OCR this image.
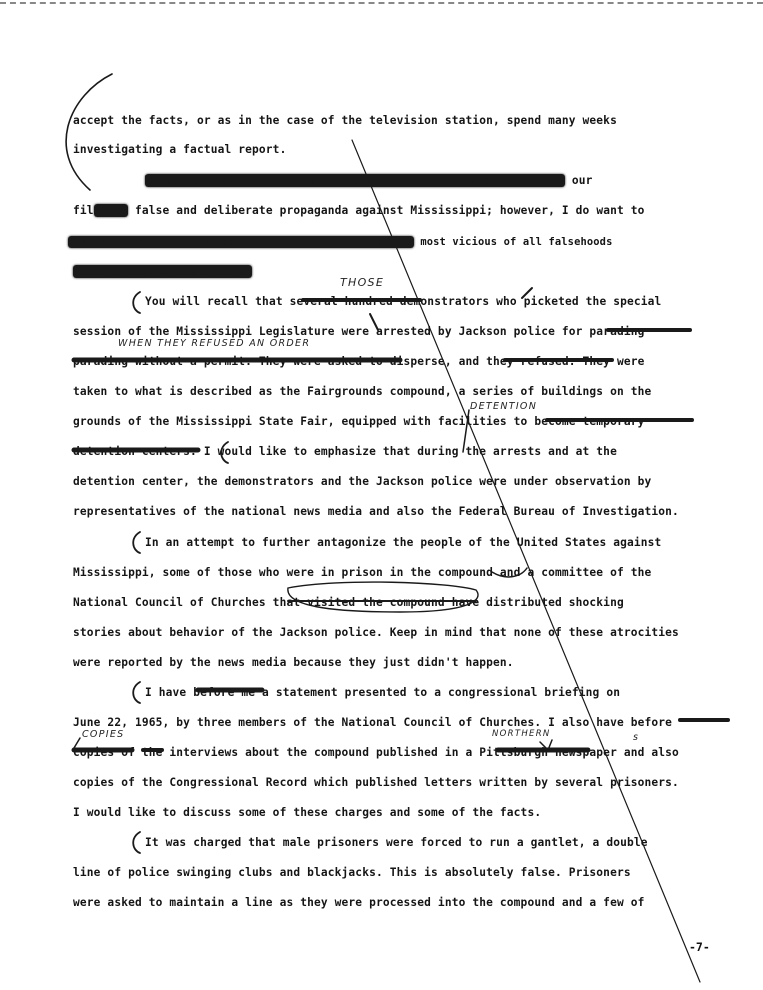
accept the facts, or as in the case of the television station, spend many weeks
investigating a factual report.
We do not have the time on this interview to discover all the our
files of false and deliberate propaganda against Mississippi; however, I do want to
make some observations about what I consider to be the most vicious of all falsehoods
ever told about our state.
You will recall that several hundred demonstrators who picketed the special
THOSE
session of the Mississippi Legislature were arrested by Jackson police for parading
WHEN THEY REFUSED AN ORDER
parading without a permit. They were asked to disperse, and they refused. They were
taken to what is described as the Fairgrounds compound, a series of buildings on the
DETENTION
grounds of the Mississippi State Fair, equipped with facilities to become temporary
detention centers. I would like to emphasize that during the arrests and at the
detention center, the demonstrators and the Jackson police were under observation by
representatives of the national news media and also the Federal Bureau of Investigation.
In an attempt to further antagonize the people of the United States against
Mississippi, some of those who were in prison in the compound and a committee of the
National Council of Churches that visited the compound have distributed shocking
stories about behavior of the Jackson police. Keep in mind that none of these atrocities
were reported by the news media because they just didn't happen.
I have before me a statement presented to a congressional briefing on
June 22, 1965, by three members of the National Council of Churches. I also have before
COPIES	NORTHERN	s
copies of the interviews about the compound published in a Pittsburgh newspaper and also
copies of the Congressional Record which published letters written by several prisoners.
I would like to discuss some of these charges and some of the facts.
It was charged that male prisoners were forced to run a gantlet, a double
line of police swinging clubs and blackjacks. This is absolutely false. Prisoners
were asked to maintain a line as they were processed into the compound and a few of
-7-
